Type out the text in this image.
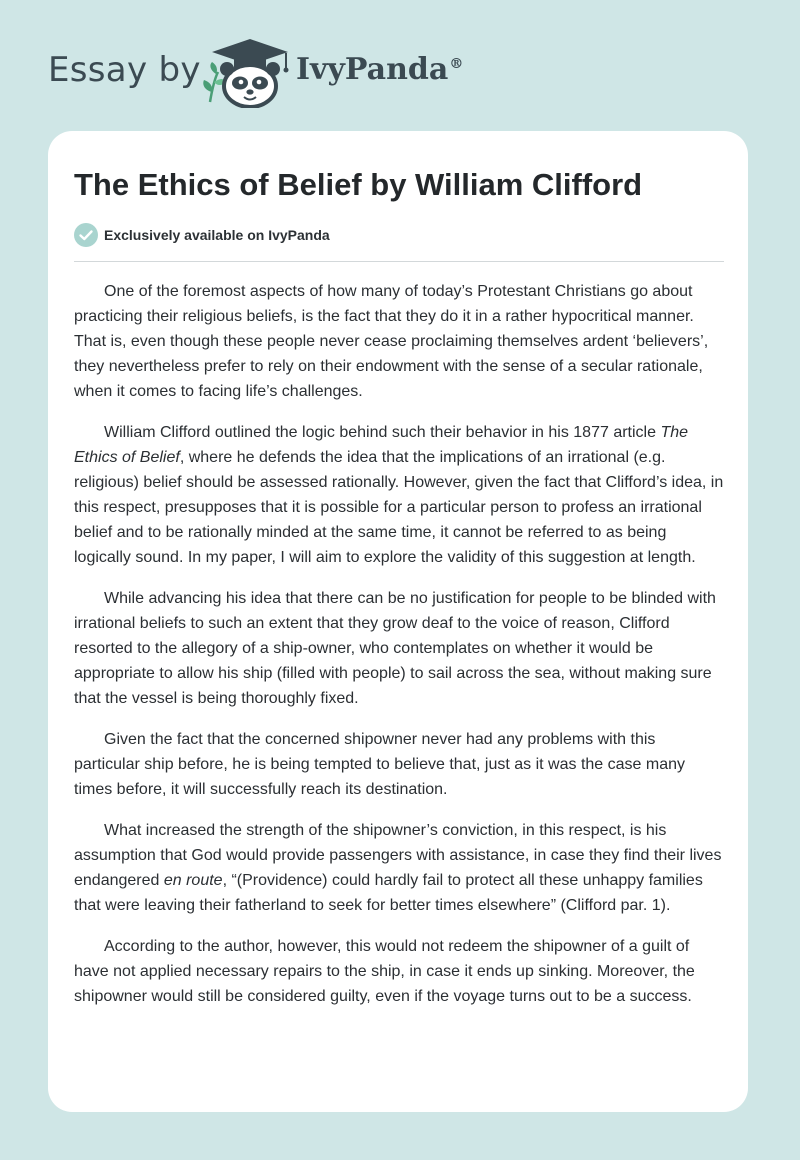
Essay by	IvyPanda®
The Ethics of Belief by William Clifford
Exclusively available on IvyPanda

One of the foremost aspects of how many of today’s Protestant Christians go about practicing their religious beliefs, is the fact that they do it in a rather hypocritical manner. That is, even though these people never cease proclaiming themselves ardent ‘believers’, they nevertheless prefer to rely on their endowment with the sense of a secular rationale, when it comes to facing life’s challenges.

William Clifford outlined the logic behind such their behavior in his 1877 article The Ethics of Belief, where he defends the idea that the implications of an irrational (e.g. religious) belief should be assessed rationally. However, given the fact that Clifford’s idea, in this respect, presupposes that it is possible for a particular person to profess an irrational belief and to be rationally minded at the same time, it cannot be referred to as being logically sound. In my paper, I will aim to explore the validity of this suggestion at length.

While advancing his idea that there can be no justification for people to be blinded with irrational beliefs to such an extent that they grow deaf to the voice of reason, Clifford resorted to the allegory of a ship-owner, who contemplates on whether it would be appropriate to allow his ship (filled with people) to sail across the sea, without making sure that the vessel is being thoroughly fixed.

Given the fact that the concerned shipowner never had any problems with this particular ship before, he is being tempted to believe that, just as it was the case many times before, it will successfully reach its destination.

What increased the strength of the shipowner’s conviction, in this respect, is his assumption that God would provide passengers with assistance, in case they find their lives endangered en route, “(Providence) could hardly fail to protect all these unhappy families that were leaving their fatherland to seek for better times elsewhere” (Clifford par. 1).

According to the author, however, this would not redeem the shipowner of a guilt of have not applied necessary repairs to the ship, in case it ends up sinking. Moreover, the shipowner would still be considered guilty, even if the voyage turns out to be a success.
